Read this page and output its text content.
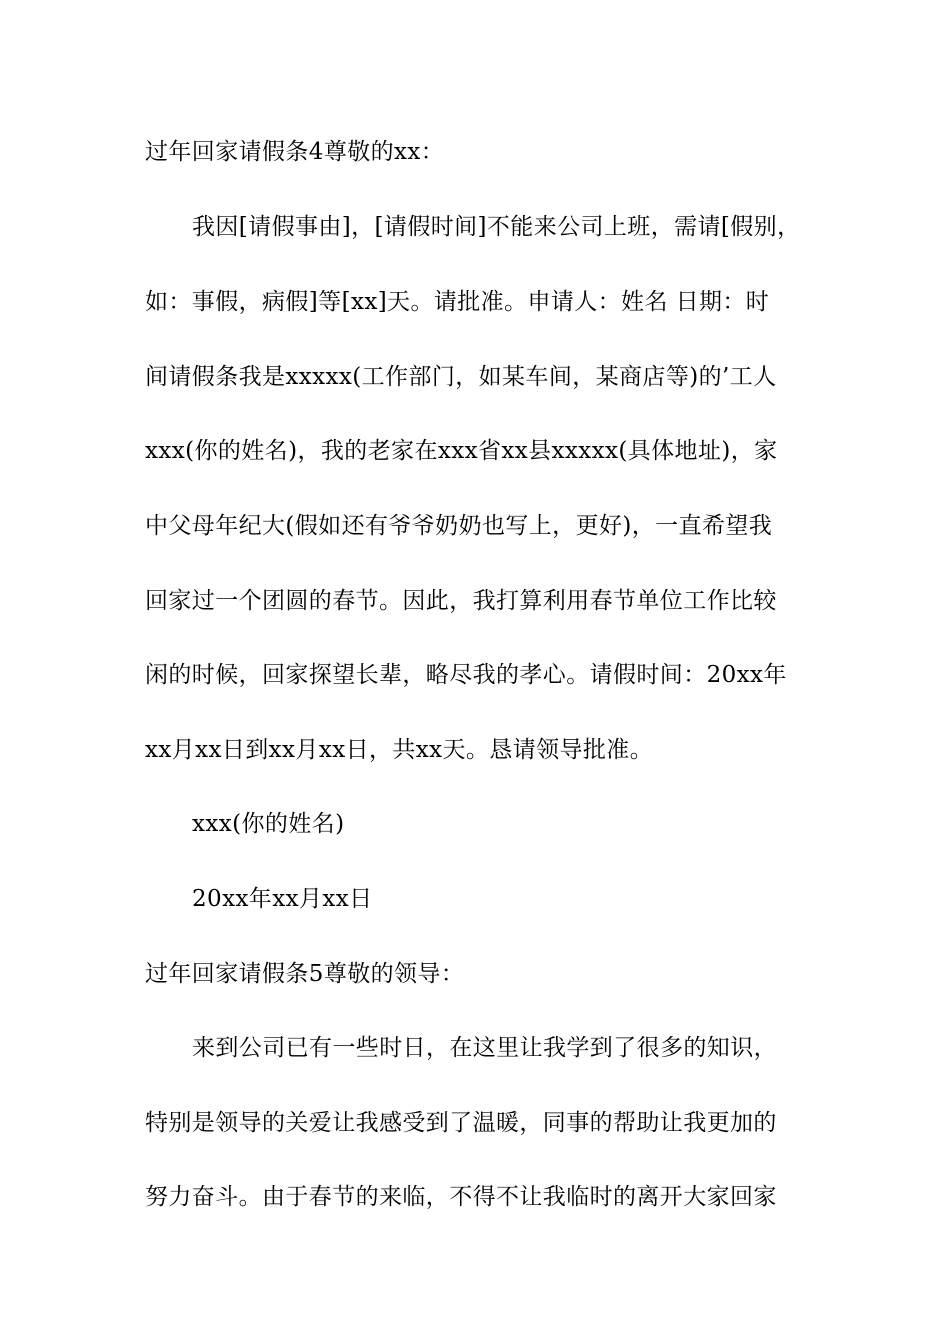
过年回家请假条4尊敬的xx：
我因[请假事由]，[请假时间]不能来公司上班，需请[假别，
如：事假，病假]等[xx]天。请批准。申请人：姓名 日期：时
间请假条我是xxxxx(工作部门，如某车间，某商店等)的’工人
xxx(你的姓名)，我的老家在xxx省xx县xxxxx(具体地址)，家
中父母年纪大(假如还有爷爷奶奶也写上，更好)，一直希望我
回家过一个团圆的春节。因此，我打算利用春节单位工作比较
闲的时候，回家探望长辈，略尽我的孝心。请假时间：20xx年
xx月xx日到xx月xx日，共xx天。恳请领导批准。
xxx(你的姓名)
20xx年xx月xx日
过年回家请假条5尊敬的领导：
来到公司已有一些时日，在这里让我学到了很多的知识，
特别是领导的关爱让我感受到了温暖，同事的帮助让我更加的
努力奋斗。由于春节的来临，不得不让我临时的离开大家回家
